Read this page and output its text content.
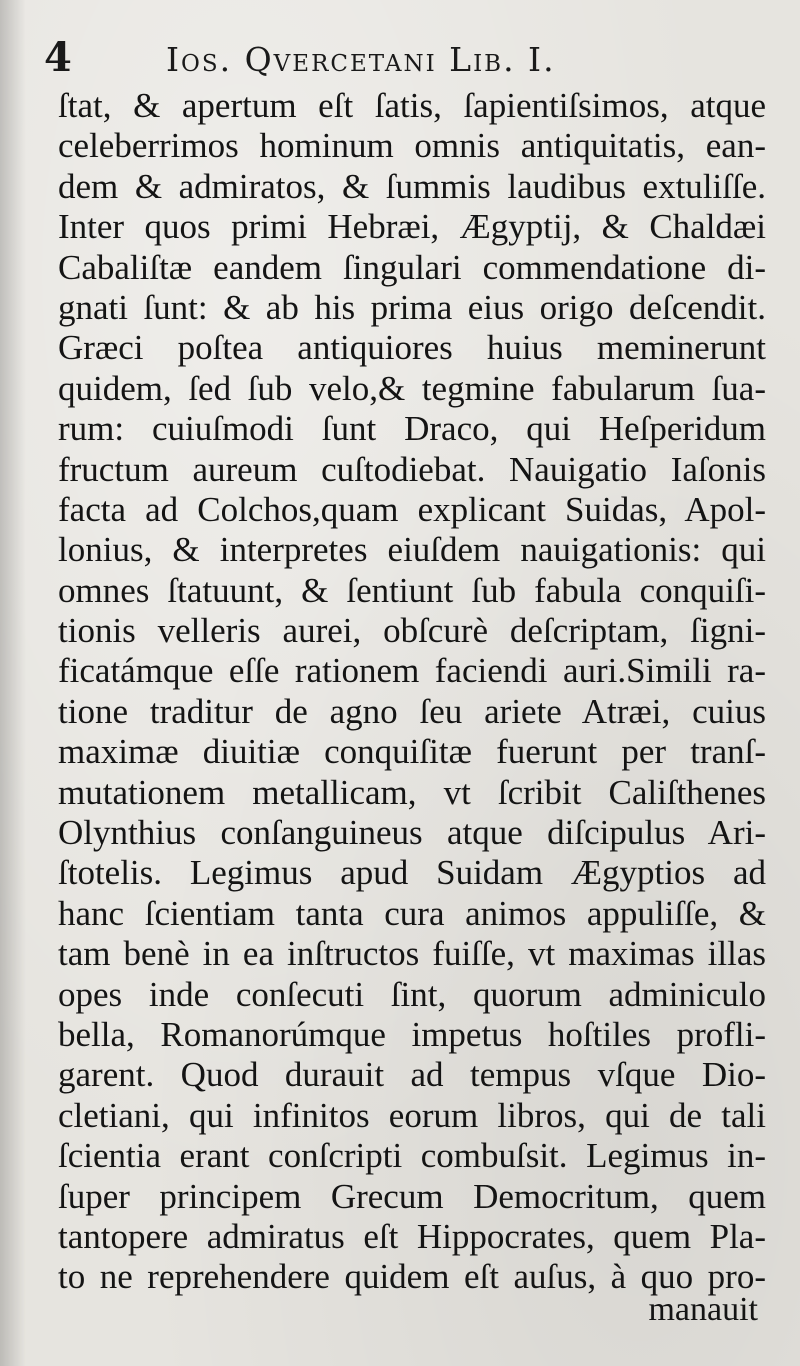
4	Ios. Qvercetani Lib. I.
ſtat, & apertum eſt ſatis, ſapientiſsimos, atque
celeberrimos hominum omnis antiquitatis, ean-
dem & admiratos, & ſummis laudibus extuliſſe.
Inter quos primi Hebræi, Ægyptij, & Chaldæi
Cabaliſtæ eandem ſingulari commendatione di-
gnati ſunt: & ab his prima eius origo deſcendit.
Græci poſtea antiquiores huius meminerunt
quidem, ſed ſub velo,& tegmine fabularum ſua-
rum: cuiuſmodi ſunt Draco, qui Heſperidum
fructum aureum cuſtodiebat. Nauigatio Iaſonis
facta ad Colchos,quam explicant Suidas, Apol-
lonius, & interpretes eiuſdem nauigationis: qui
omnes ſtatuunt, & ſentiunt ſub fabula conquiſi-
tionis velleris aurei, obſcurè deſcriptam, ſigni-
ficatámque eſſe rationem faciendi auri.Simili ra-
tione traditur de agno ſeu ariete Atræi, cuius
maximæ diuitiæ conquiſitæ fuerunt per tranſ-
mutationem metallicam, vt ſcribit Caliſthenes
Olynthius conſanguineus atque diſcipulus Ari-
ſtotelis. Legimus apud Suidam Ægyptios ad
hanc ſcientiam tanta cura animos appuliſſe, &
tam benè in ea inſtructos fuiſſe, vt maximas illas
opes inde conſecuti ſint, quorum adminiculo
bella, Romanorúmque impetus hoſtiles profli-
garent. Quod durauit ad tempus vſque Dio-
cletiani, qui infinitos eorum libros, qui de tali
ſcientia erant conſcripti combuſsit. Legimus in-
ſuper principem Grecum Democritum, quem
tantopere admiratus eſt Hippocrates, quem Pla-
to ne reprehendere quidem eſt auſus, à quo pro-
manauit
